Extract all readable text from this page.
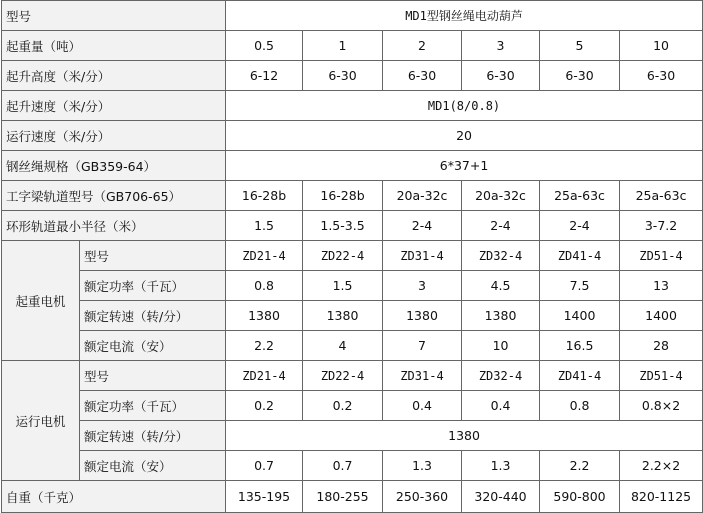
型号		MD1型钢丝绳电动葫芦					
起重量（吨）		0.5	1	2	3	5	10
起升高度（米/分）		6-12	6-30	6-30	6-30	6-30	6-30
起升速度（米/分）		MD1(8/0.8)					
运行速度（米/分）		20					
钢丝绳规格（GB359-64）		6*37+1					
工字梁轨道型号（GB706-65）		16-28b	16-28b	20a-32c	20a-32c	25a-63c	25a-63c
环形轨道最小半径（米）		1.5	1.5-3.5	2-4	2-4	2-4	3-7.2
起重电机	型号	ZD21-4	ZD22-4	ZD31-4	ZD32-4	ZD41-4	ZD51-4
	额定功率（千瓦）	0.8	1.5	3	4.5	7.5	13
	额定转速（转/分）	1380	1380	1380	1380	1400	1400
	额定电流（安）	2.2	4	7	10	16.5	28
运行电机	型号	ZD21-4	ZD22-4	ZD31-4	ZD32-4	ZD41-4	ZD51-4
	额定功率（千瓦）	0.2	0.2	0.4	0.4	0.8	0.8×2
	额定转速（转/分）	1380					
	额定电流（安）	0.7	0.7	1.3	1.3	2.2	2.2×2
自重（千克）		135-195	180-255	250-360	320-440	590-800	820-1125
